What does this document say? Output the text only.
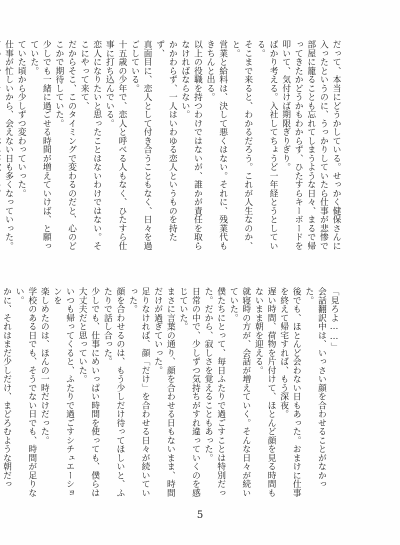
だって、本当にどうかしている。せっかく健保さんに入ったというのに、うっかりしていたら仕事が悲惨で部屋に籠ることも忘れてしまうような日々、まるで帰ってきたかどうかもわからず、ひたすらキーボードを叩いて、気付けば期限ぎりぎり。
ばかり考える。入社してちょうど一年経とうとしている。
そこまで来ると、わかるだろう。これが人生なのか、と。
営業と給料は、決して悪くはない。それに、残業代もきちんと出る。
以上の役職を持つわけではないが、誰かが責任を取らなければならない。
かかわらず、一人はいわゆる恋人というものを持たず、
真面目に、恋人として付き合うこともなく、日々を過ごしている。
十五歳の少年で、恋人と呼べる人もなく、ひたすら仕事に打ち込んでいる。
恋人になりたいと思ったことはないわけではない。そこにやって来て、
だからそこ、このタイミングで変わるのだと、心のどこかで期待していた。
少しでも一緒に過ごせる時間が増えていけば、と願っていた。
ていた頃から少しずつ変わっていった。
仕事が忙しいから、会えない日も多くなっていった。
「見ろよ……」
会話翻訳中は、いっさい顔を合わせることがなかった。
後でも、ほとんど会わない日もあった。おまけに仕事を終えて帰宅すれば、もう深夜。
遅い時間、荷物を片付けて、ほとんど顔を見る時間もないまま朝を迎える。
就寝時の方が、会話が増えていく。そんな日々が続いていた。
僕たちにとって、毎日ふたりで過ごすことは特別だった。だから、寂しさを覚えることもあった。
日常の中で、少しずつ気持ちがすれ違っていくのを感じていた。
まさに言葉の通り、顔を合わせる日もないまま、時間だけが過ぎていった。
足りなければ、顔「だけ」を合わせる日々が続いていった。
顔を合わせるのは、もう少しだけ待ってほしいと、ふたりで話し合った。
少しでも、仕事にめいっぱい時間を使っても、僕らは大丈夫だと思っていた。
いつも帰ってくると、ふたりで過ごすシチュエーションを
楽しめたのは、ほんの一時だけだった。
学校のある日でも、そうでない日でも、時間が足りない。
かに、それはまだ少しだけ、まどろむような朝だっ
5
